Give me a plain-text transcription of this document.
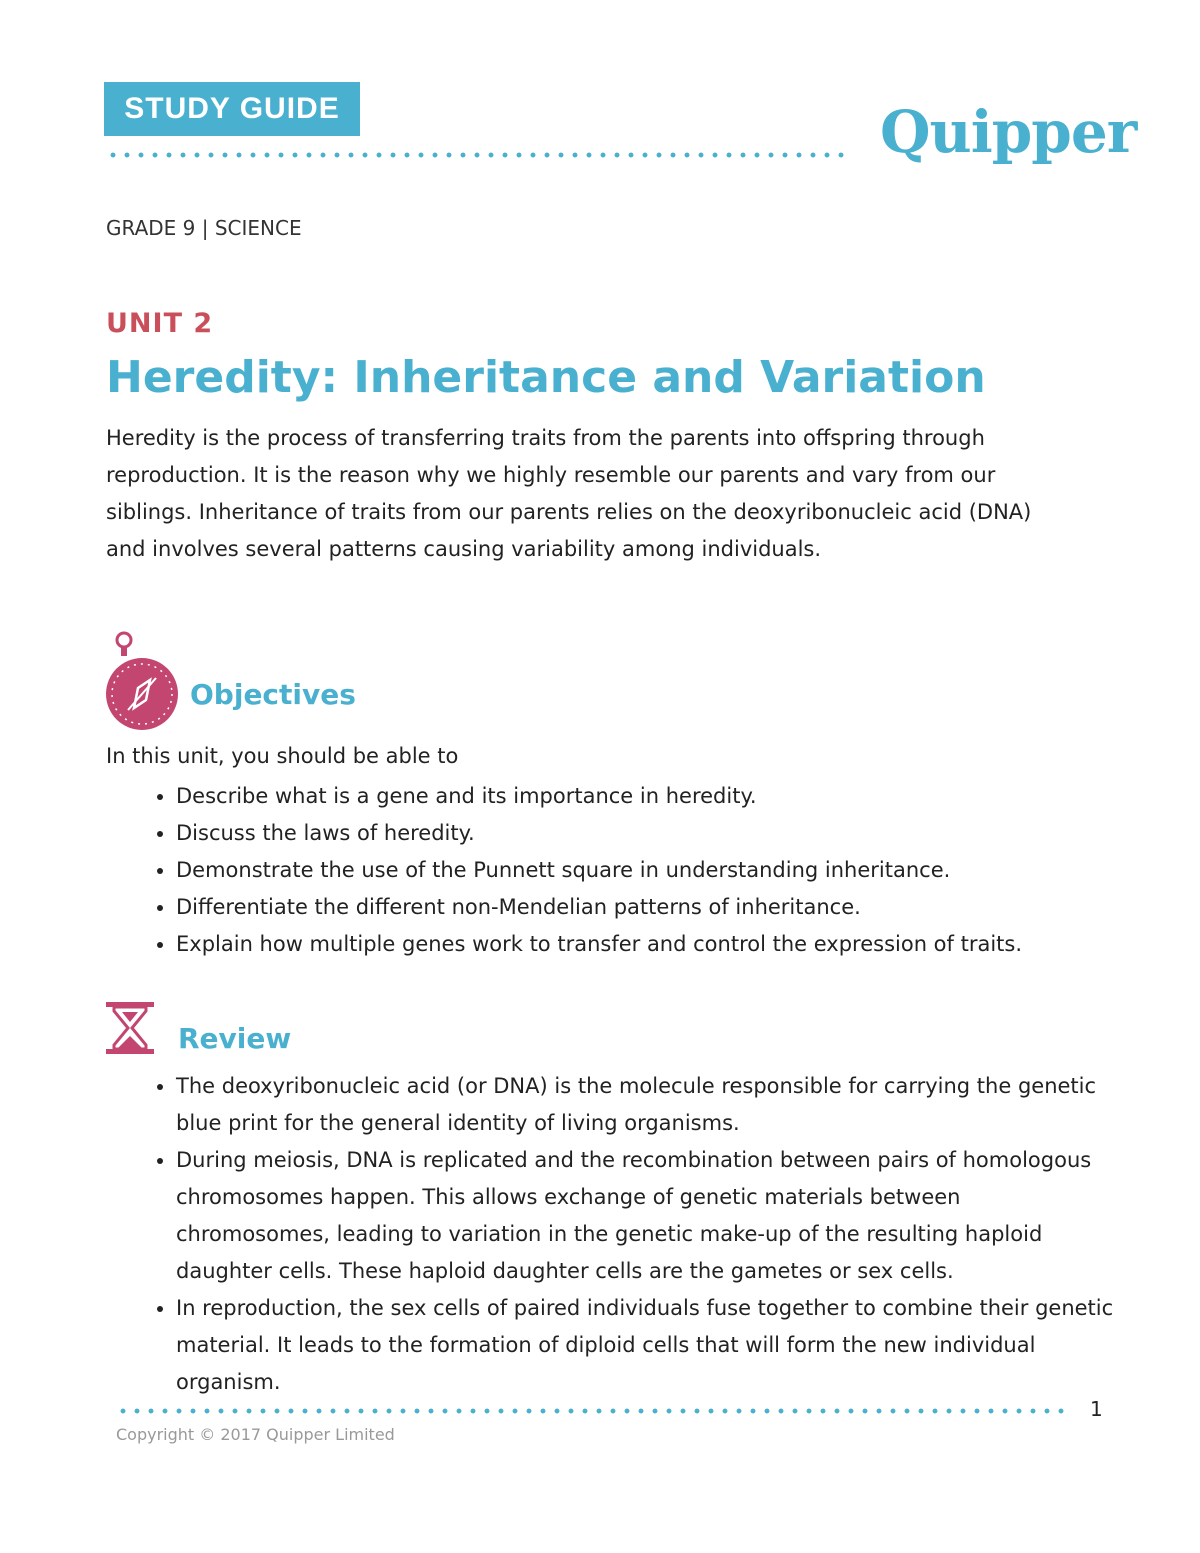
STUDY GUIDE	Quipper
GRADE 9 | SCIENCE
UNIT 2
Heredity: Inheritance and Variation

Heredity is the process of transferring traits from the parents into offspring through reproduction. It is the reason why we highly resemble our parents and vary from our siblings. Inheritance of traits from our parents relies on the deoxyribonucleic acid (DNA) and involves several patterns causing variability among individuals.

Objectives
In this unit, you should be able to
• Describe what is a gene and its importance in heredity.
• Discuss the laws of heredity.
• Demonstrate the use of the Punnett square in understanding inheritance.
• Differentiate the different non-Mendelian patterns of inheritance.
• Explain how multiple genes work to transfer and control the expression of traits.
Review
• The deoxyribonucleic acid (or DNA) is the molecule responsible for carrying the genetic blue print for the general identity of living organisms.
• During meiosis, DNA is replicated and the recombination between pairs of homologous chromosomes happen. This allows exchange of genetic materials between chromosomes, leading to variation in the genetic make-up of the resulting haploid daughter cells. These haploid daughter cells are the gametes or sex cells.
• In reproduction, the sex cells of paired individuals fuse together to combine their genetic material. It leads to the formation of diploid cells that will form the new individual organism.
1
Copyright © 2017 Quipper Limited
